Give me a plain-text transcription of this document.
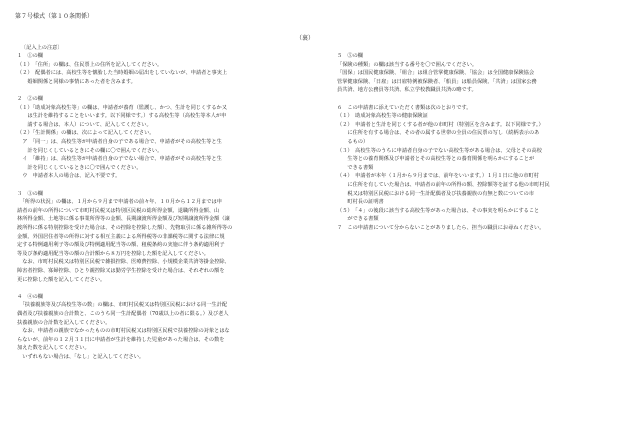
第７号様式（第１０条関係）
（裏）
〔記入上の注意〕
１　①の欄
（１）　「住所」の欄は、住民票上の住所を記入してください。
（２）　配偶者には、高校生等を懐胎した当時婚姻の届出をしていないが、申請者と事実上
　　婚姻関係と同様の事情にあった者を含みます。
２　②の欄
（１）「助成対象高校生等」の欄は、申請者が養育（監護し、かつ、生計を同じくするか又
　　は生計を維持することをいいます。以下同様です。）する高校生等（高校生等本人が申
　　請する場合は、本人）について、記入してください。
（２）「生計関係」の欄は、次によって記入してください。
　ア　「同一」は、高校生等が申請者自身の子である場合で、申請者がその高校生等と生
　　計を同じくしているときにその欄に〇で囲んでください。
　イ　「維持」は、高校生等が申請者自身の子でない場合で、申請者がその高校生等と生
　　計を同じくしているときに〇で囲んでください。
　ウ　申請者本人の場合は、記入不要です。
３　③の欄
　「所得の状況」の欄は、１月から９月まで申請者の前々年、１０月から１２月までは申
請者の前年の所得について市町村民税又は特別区民税の総所得金額、退職所得金額、山
林所得金額、土地等に係る事業所得等の金額、長期譲渡所得金額及び短期譲渡所得金額（譲
渡所得に係る特別控除を受けた場合は、その控除を控除した額）、先物取引に係る雑所得等の
金額、外国居住者等の所得に対する相互主義による所得税等の非課税等に関する法律に規
定する特例適用利子等の額及び特例適用配当等の額、租税条約の実施に伴う条約適用利子
等及び条約適用配当等の額の合計額から８万円を控除した額を記入してください。
　なお、市町村民税又は特別区民税で雑損控除、医療費控除、小規模企業共済等掛金控除、
障害者控除、寡婦控除、ひとり親控除又は勤労学生控除を受けた場合は、それぞれの額を
更に控除した額を記入してください。
４　④の欄
　「扶養親族等及び高校生等の数」の欄は、市町村民税又は特別区民税における同一生計配
偶者及び扶養親族の合計数と、このうち同一生計配偶者（70歳以上の者に限る。）及び老人
扶養親族の合計数を記入してください。
　なお、申請者の親族でなかったものの市町村民税又は特別区民税で扶養控除の対象とはな
らないが、前年の１２月３１日に申請者が生計を維持した児童があった場合は、その数を
加えた数を記入してください。
　いずれもない場合は、「なし」と記入してください。
５　⑤の欄
「保険の種類」の欄は該当する番号を〇で囲んでください。
「国保」は国民健康保険、「組合」は組合管掌健康保険、「協会」は全国健康保険協会
管掌健康保険、「日雇」は日雇特例被保険者、「船員」は船員保険、「共済」は国家公務
員共済、地方公務員等共済、私立学校教職員共済の略です。
６　この申請書に添えていただく書類は次のとおりです。
（１）　助成対象高校生等の健康保険証
（２）　申請者と生計を同じくする者が他の市町村（特別区を含みます。以下同様です。）
　　に住所を有する場合は、その者の属する世帯の全員の住民票の写し（続柄表示のあ
　　るもの）
（３）　高校生等のうちに申請者自身の子でない高校生等がある場合は、父母とその高校
　　生等との養育関係及び申請者とその高校生等との養育関係を明らかにすることが
　　できる書類
（４）　申請者が本年（１月から９月までは、前年をいいます。）１月１日に他の市町村
　　に住所を有していた場合は、申請者の前年の所得の額、控除額等を証する他の市町村民
　　税又は特別区民税における同一生計配偶者及び扶養親族の有無と数についての市
　　町村長の証明書
（５）　「４」の後段に該当する高校生等があった場合は、その事実を明らかにすること
　　ができる書類
７　この申請書について分からないことがありましたら、担当の職員にお尋ねください。
